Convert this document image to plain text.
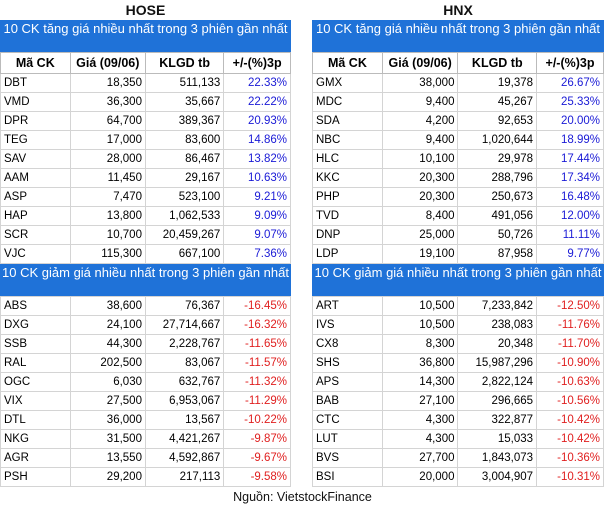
HOSE
10 CK tăng giá nhiều nhất trong 3 phiên gần nhất
Mã CK	Giá (09/06)	KLGD tb	+/-(%)3p
DBT	18,350	511,133	22.33%
VMD	36,300	35,667	22.22%
DPR	64,700	389,367	20.93%
TEG	17,000	83,600	14.86%
SAV	28,000	86,467	13.82%
AAM	11,450	29,167	10.63%
ASP	7,470	523,100	9.21%
HAP	13,800	1,062,533	9.09%
SCR	10,700	20,459,267	9.07%
VJC	115,300	667,100	7.36%
10 CK giảm giá nhiều nhất trong 3 phiên gần nhất
ABS	38,600	76,367	-16.45%
DXG	24,100	27,714,667	-16.32%
SSB	44,300	2,228,767	-11.65%
RAL	202,500	83,067	-11.57%
OGC	6,030	632,767	-11.32%
VIX	27,500	6,953,067	-11.29%
DTL	36,000	13,567	-10.22%
NKG	31,500	4,421,267	-9.87%
AGR	13,550	4,592,867	-9.67%
PSH	29,200	217,113	-9.58%
HNX
10 CK tăng giá nhiều nhất trong 3 phiên gần nhất
Mã CK	Giá (09/06)	KLGD tb	+/-(%)3p
GMX	38,000	19,378	26.67%
MDC	9,400	45,267	25.33%
SDA	4,200	92,653	20.00%
NBC	9,400	1,020,644	18.99%
HLC	10,100	29,978	17.44%
KKC	20,300	288,796	17.34%
PHP	20,300	250,673	16.48%
TVD	8,400	491,056	12.00%
DNP	25,000	50,726	11.11%
LDP	19,100	87,958	9.77%
10 CK giảm giá nhiều nhất trong 3 phiên gần nhất
ART	10,500	7,233,842	-12.50%
IVS	10,500	238,083	-11.76%
CX8	8,300	20,348	-11.70%
SHS	36,800	15,987,296	-10.90%
APS	14,300	2,822,124	-10.63%
BAB	27,100	296,665	-10.56%
CTC	4,300	322,877	-10.42%
LUT	4,300	15,033	-10.42%
BVS	27,700	1,843,073	-10.36%
BSI	20,000	3,004,907	-10.31%
Nguồn: VietstockFinance
